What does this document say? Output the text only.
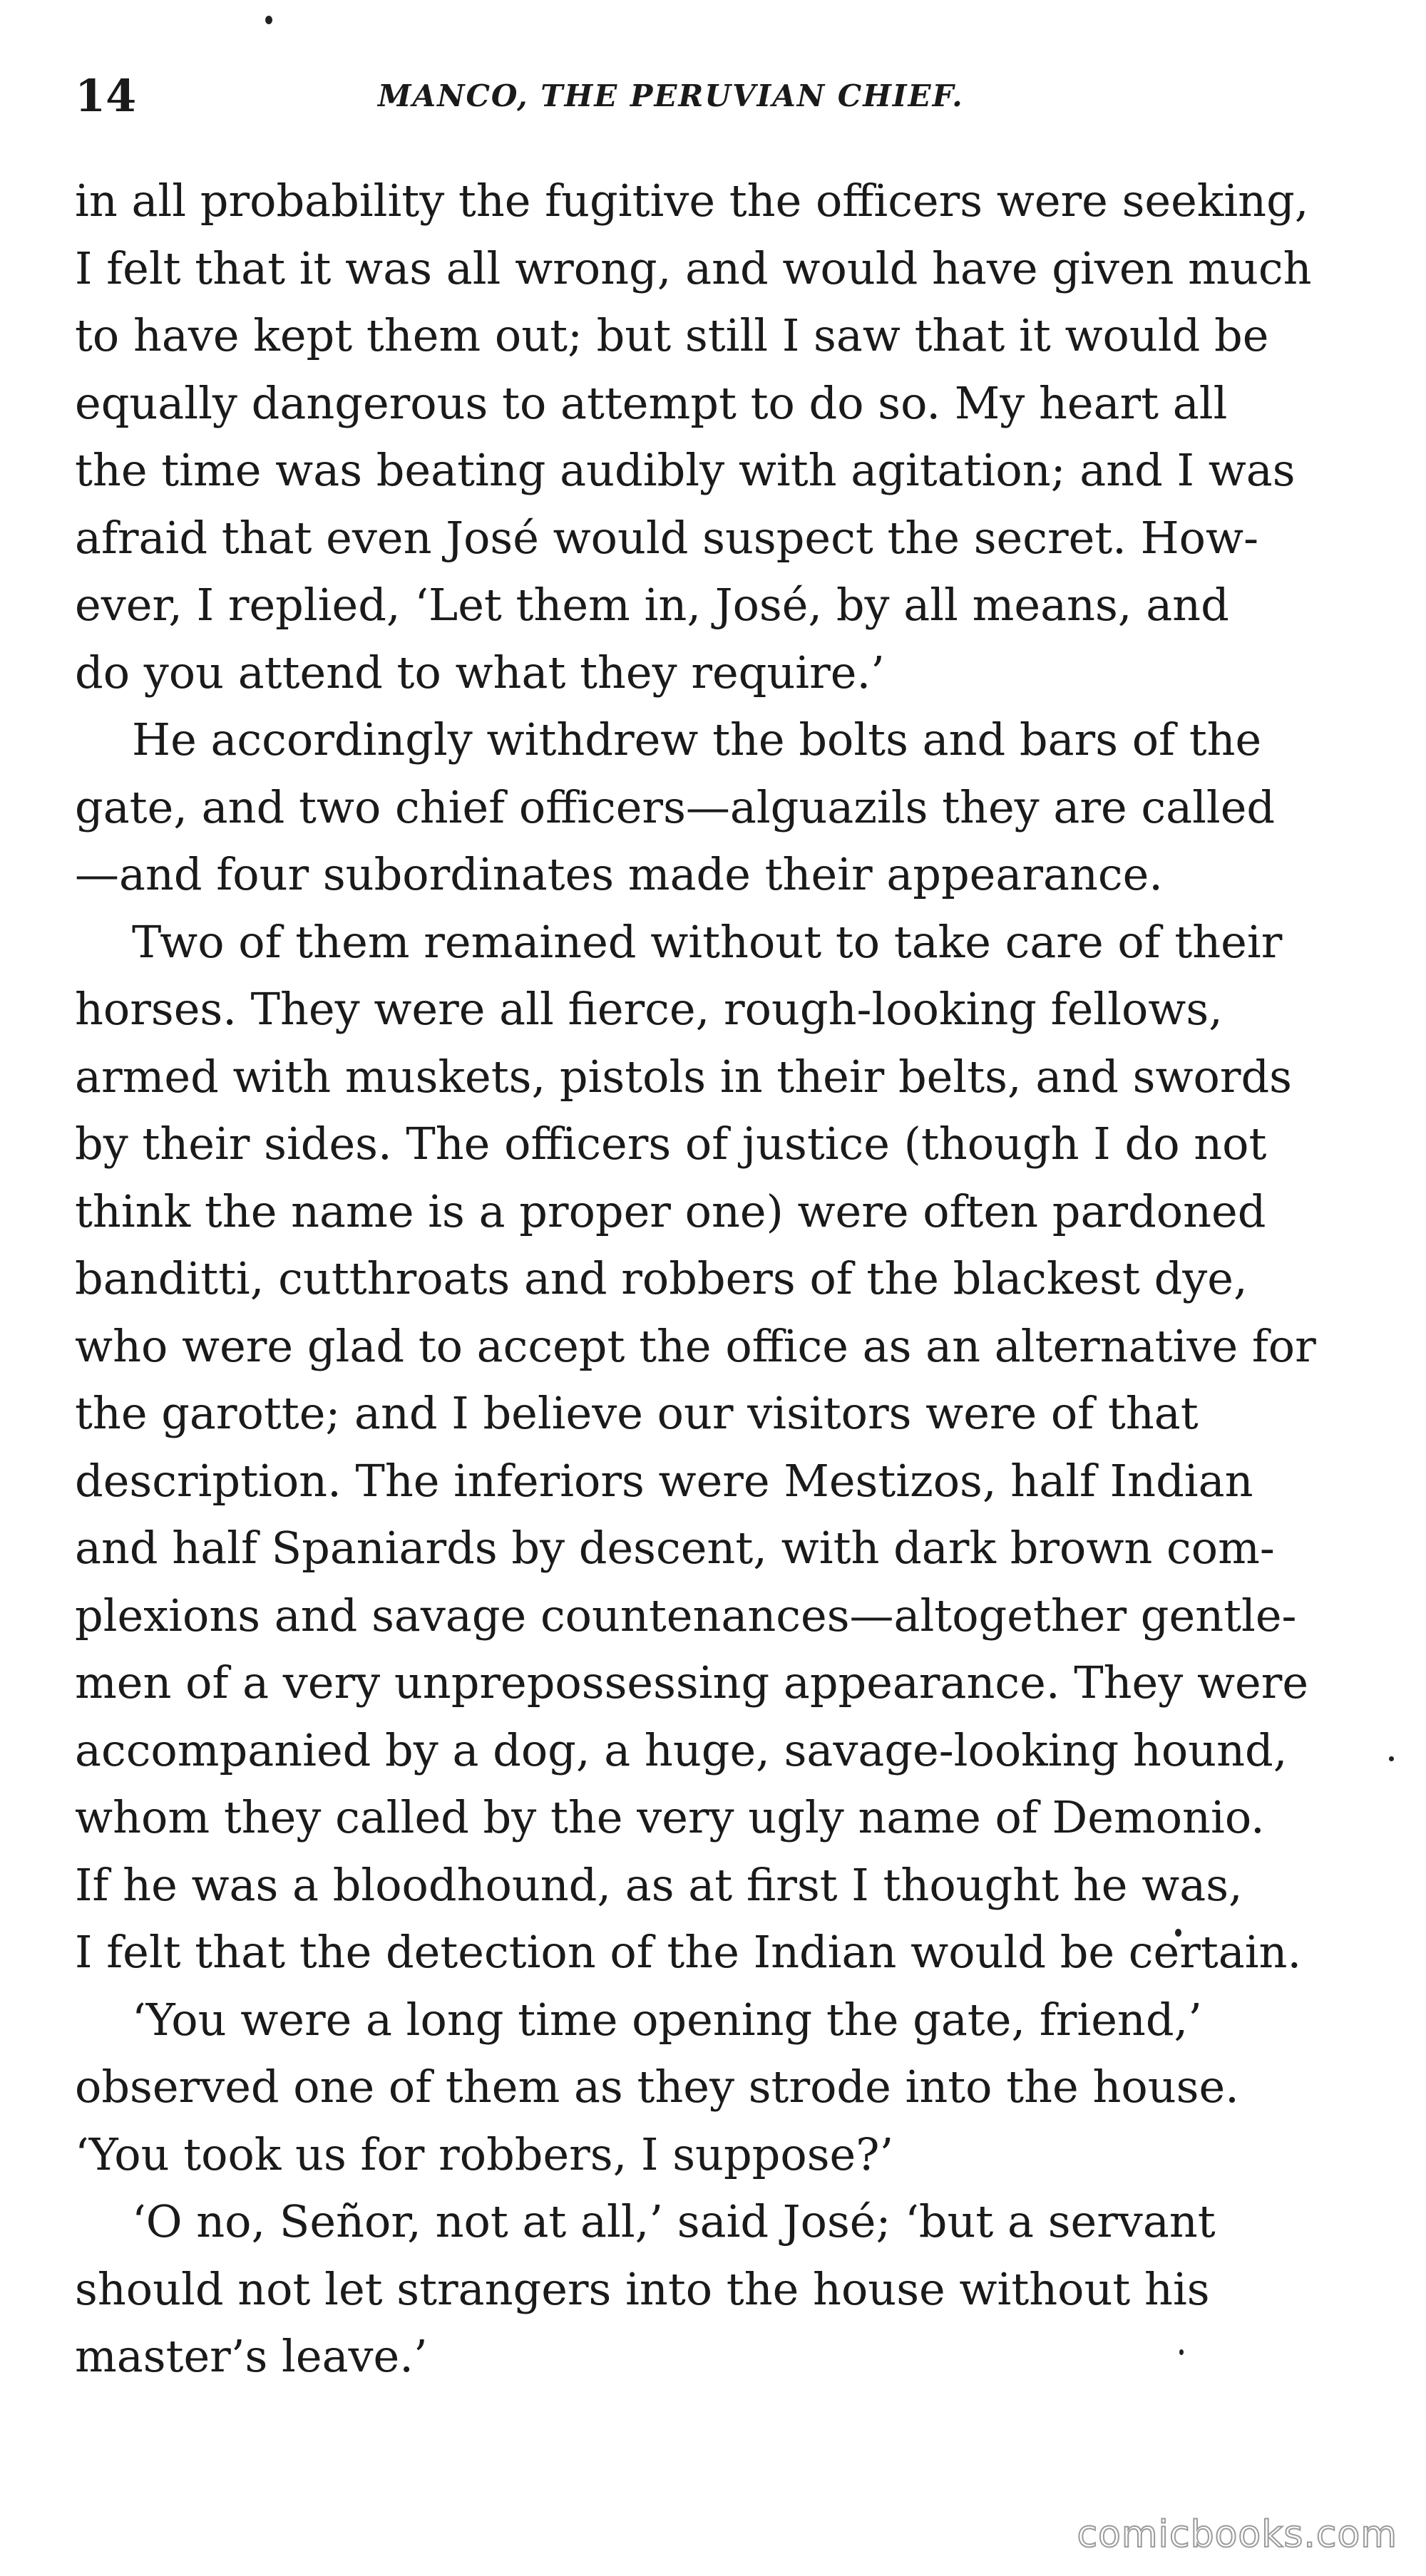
14	MANCO, THE PERUVIAN CHIEF.
in all probability the fugitive the officers were seeking,
I felt that it was all wrong, and would have given much
to have kept them out; but still I saw that it would be
equally dangerous to attempt to do so. My heart all
the time was beating audibly with agitation; and I was
afraid that even José would suspect the secret. How-
ever, I replied, ‘Let them in, José, by all means, and
do you attend to what they require.’
He accordingly withdrew the bolts and bars of the
gate, and two chief officers—alguazils they are called
—and four subordinates made their appearance.
Two of them remained without to take care of their
horses. They were all fierce, rough-looking fellows,
armed with muskets, pistols in their belts, and swords
by their sides. The officers of justice (though I do not
think the name is a proper one) were often pardoned
banditti, cutthroats and robbers of the blackest dye,
who were glad to accept the office as an alternative for
the garotte; and I believe our visitors were of that
description. The inferiors were Mestizos, half Indian
and half Spaniards by descent, with dark brown com-
plexions and savage countenances—altogether gentle-
men of a very unprepossessing appearance. They were
accompanied by a dog, a huge, savage-looking hound,
whom they called by the very ugly name of Demonio.
If he was a bloodhound, as at first I thought he was,
I felt that the detection of the Indian would be certain.
‘You were a long time opening the gate, friend,’
observed one of them as they strode into the house.
‘You took us for robbers, I suppose?’
‘O no, Señor, not at all,’ said José; ‘but a servant
should not let strangers into the house without his
master’s leave.’
comicbooks.com
